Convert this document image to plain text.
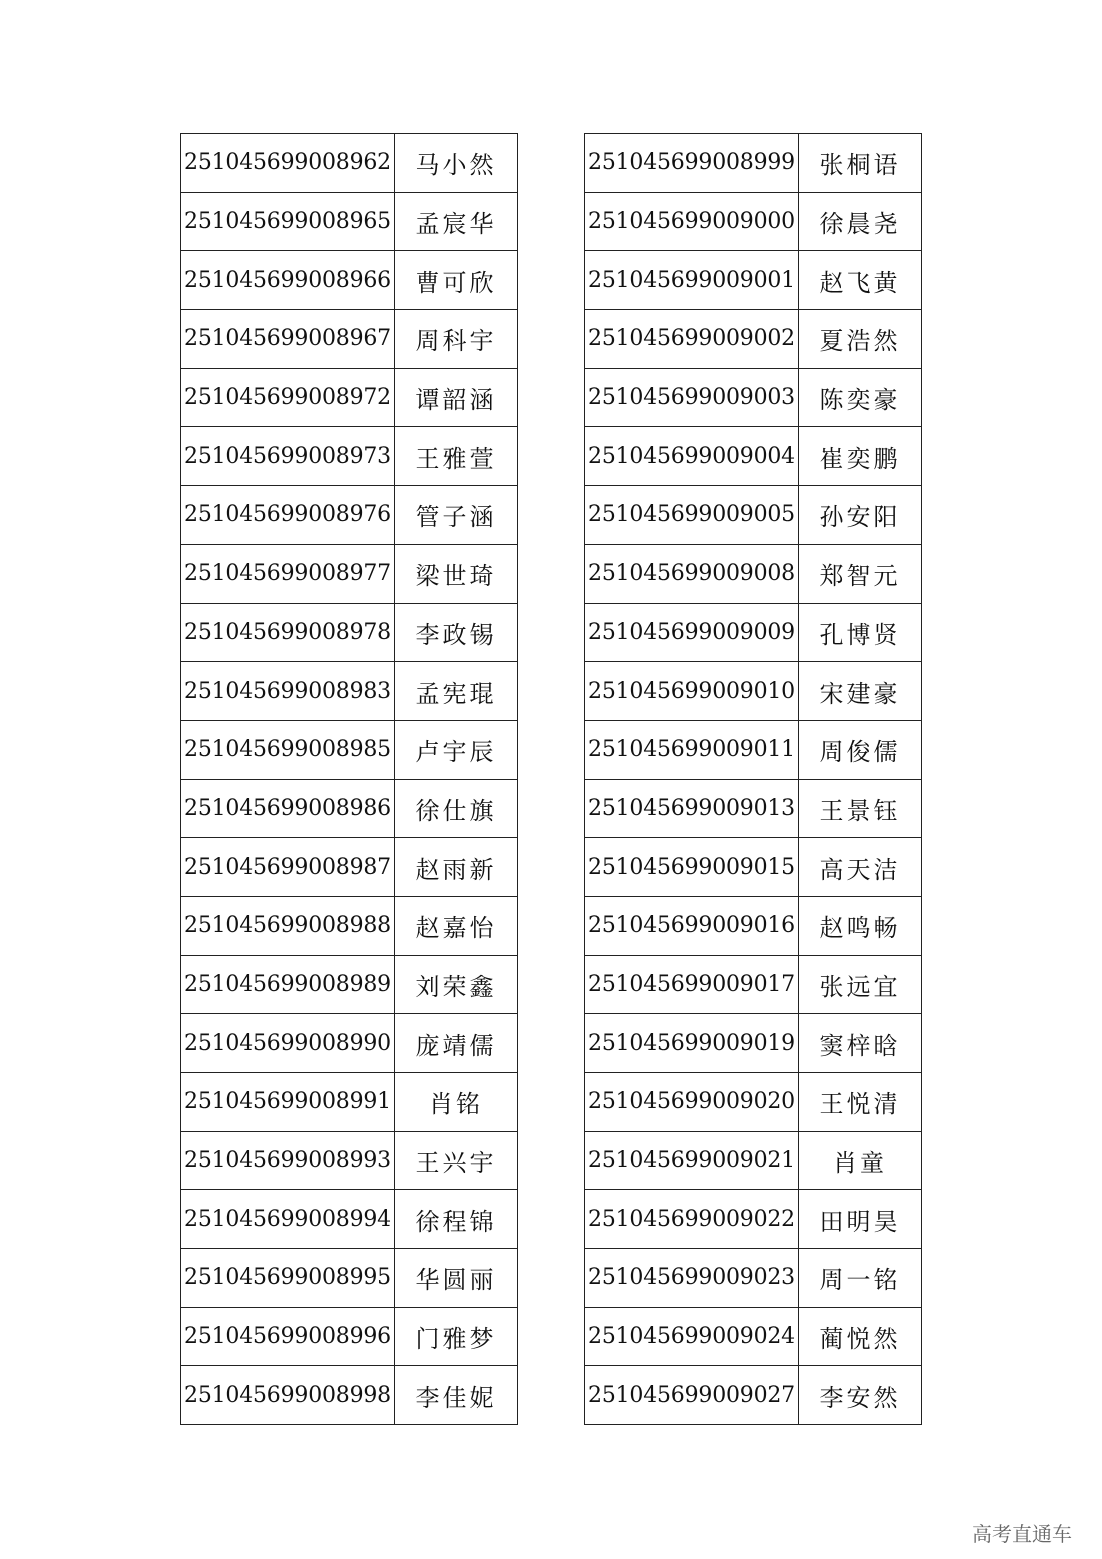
251045699008962	马小然
251045699008965	孟宸华
251045699008966	曹可欣
251045699008967	周科宇
251045699008972	谭韶涵
251045699008973	王雅萱
251045699008976	管子涵
251045699008977	梁世琦
251045699008978	李政锡
251045699008983	孟宪琨
251045699008985	卢宇辰
251045699008986	徐仕旗
251045699008987	赵雨新
251045699008988	赵嘉怡
251045699008989	刘荣鑫
251045699008990	庞靖儒
251045699008991	肖铭
251045699008993	王兴宇
251045699008994	徐程锦
251045699008995	华圆丽
251045699008996	门雅梦
251045699008998	李佳妮
251045699008999	张桐语
251045699009000	徐晨尧
251045699009001	赵飞黄
251045699009002	夏浩然
251045699009003	陈奕豪
251045699009004	崔奕鹏
251045699009005	孙安阳
251045699009008	郑智元
251045699009009	孔博贤
251045699009010	宋建豪
251045699009011	周俊儒
251045699009013	王景钰
251045699009015	高天洁
251045699009016	赵鸣畅
251045699009017	张远宜
251045699009019	窦梓晗
251045699009020	王悦清
251045699009021	肖童
251045699009022	田明昊
251045699009023	周一铭
251045699009024	蔺悦然
251045699009027	李安然
高考直通车
